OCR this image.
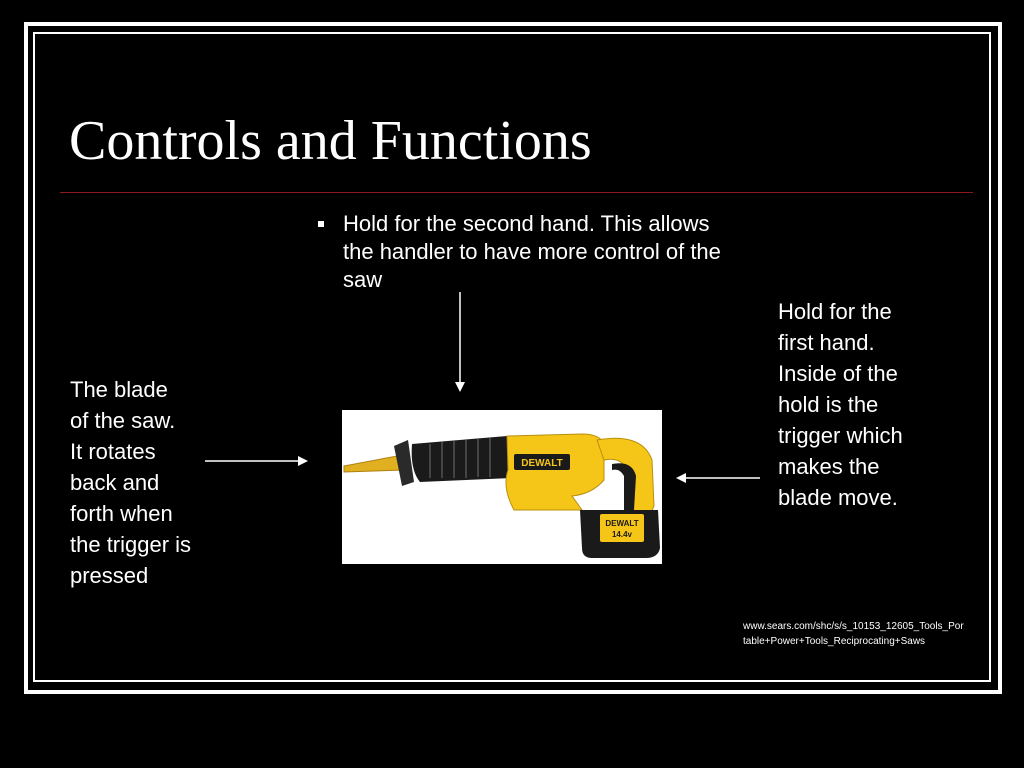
Controls and Functions
Hold for the second hand. This allows the handler to have more control of the saw
The blade of the saw. It rotates back and forth when the trigger is pressed
Hold for the first hand. Inside of the hold is the trigger which makes the blade move.
www.sears.com/shc/s/s_10153_12605_Tools_Portable+Power+Tools_Reciprocating+Saws
DEWALT
DEWALT
14.4v
